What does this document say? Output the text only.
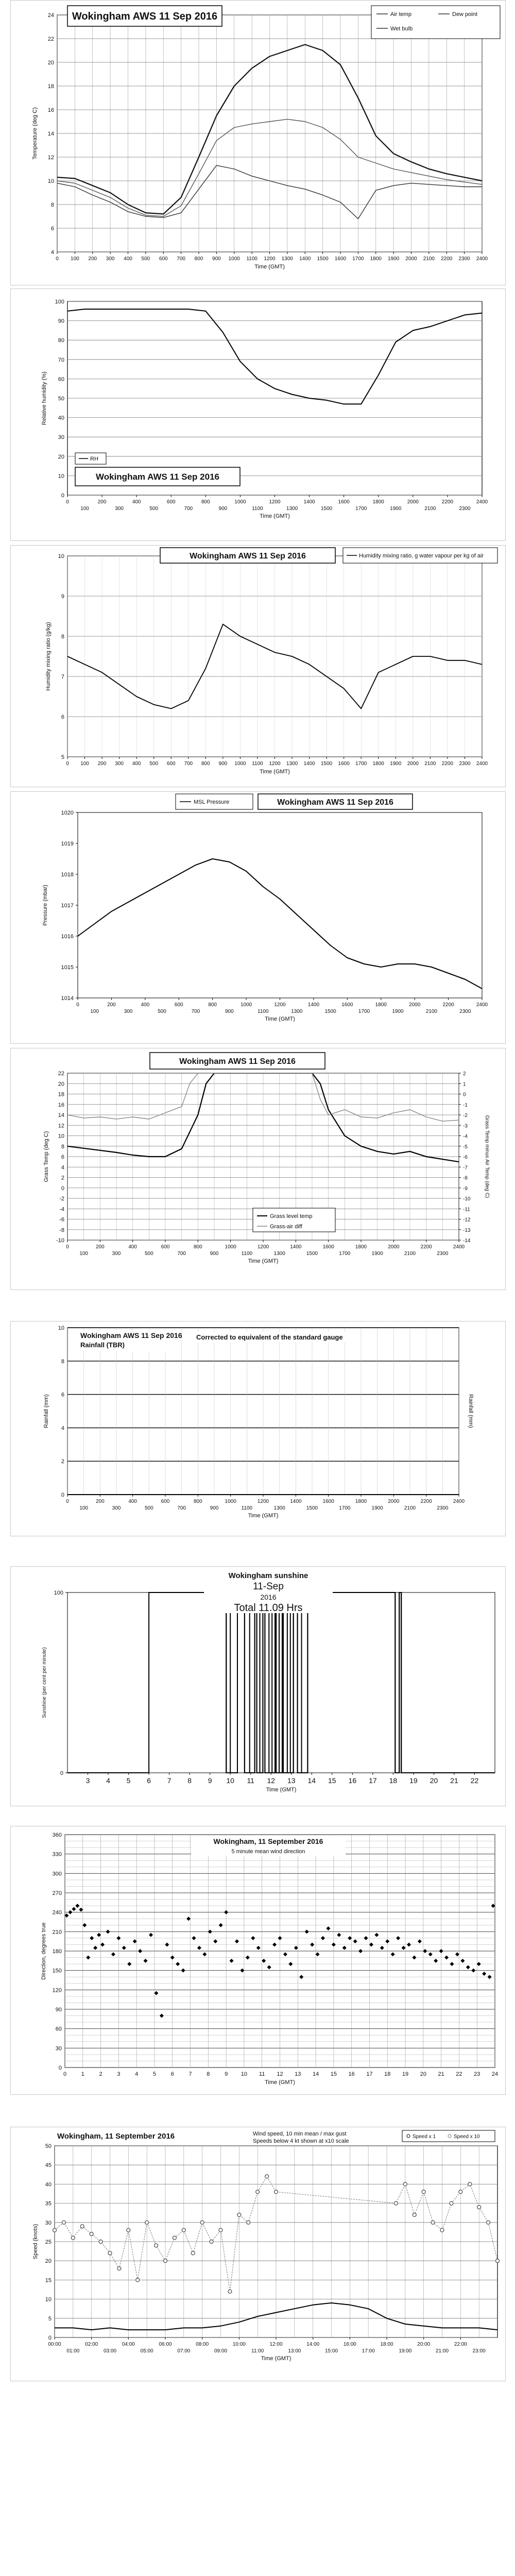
4
6
8
10
12
14
16
18
20
22
24
0 100 200 300 400 500 600 700 800 900 1000 1100 1200 1300 1400 1500 1600 1700 1800 1900 2000 2100 2200 2300 2400
Time (GMT)
Temperature (deg C)
Wokingham AWS 11 Sep 2016	Air temp	Dew point
Wet bulb
0
10
20
30
40
50
60
70
80
90
100
0	200	400	600	800	1000	1200	1400	1600	1800	2000	2200	2400
100	300	500	700	900	1100	1300	1500	1700	1900	2100	2300
Time (GMT)
Relative humidity (%)
RH
Wokingham AWS 11 Sep 2016
5
6
7
8
9
10
0 100 200 300 400 500 600 700 800 900 1000 1100 1200 1300 1400 1500 1600 1700 1800 1900 2000 2100 2200 2300 2400
Time (GMT)
Humidity mixing ratio (g/kg)
Wokingham AWS 11 Sep 2016	Humidity mixing ratio, g water vapour per kg of air
1014
1015
1016
1017
1018
1019
1020
0	200	400	600	800	1000	1200	1400	1600	1800	2000	2200	2400
100	300	500	700	900	1100	1300	1500	1700	1900	2100	2300
Time (GMT)
Pressure (mbar)
MSL Pressure	Wokingham AWS 11 Sep 2016
-10
-8
-6
-4
-2
0
2
4
6
8
10
12
14
16
18
20
22
-14
-13
-12
-11
-10
-9
-8
-7
-6
-5
-4
-3
-2
-1
0
1
2
0	200	400	600	800	1000	1200	1400	1600	1800	2000	2200	2400
100	300	500	700	900	1100	1300	1500	1700	1900	2100	2300
Time (GMT)
Grass Temp (deg C)	Grass Temp minus Air Temp (deg C)
Wokingham AWS 11 Sep 2016
Grass level temp
Grass-air diff
0
2
4
6
8
10
0	200	400	600	800	1000	1200	1400	1600	1800	2000	2200	2400
100	300	500	700	900	1100	1300	1500	1700	1900	2100	2300
Time (GMT)
Rainfall (mm)	Rainfall (mm)
Wokingham AWS 11 Sep 2016
Rainfall (TBR)
Corrected to equivalent of the standard gauge
0
100
3 4 5 6 7 8 9 10 11 12 13 14 15 16 17 18 19 20 21 22
Time (GMT)
Sunshine (per cent per minute)
Wokingham sunshine
11-Sep
2016
Total 11.09 Hrs
0
30
60
90
120
150
180
210
240
270
300
330
360
0	1	2	3	4	5	6	7	8	9 10 11 12 13 14 15 16 17 18 19 20 21 22 23 24
Time (GMT)
Direction, degrees true
Wokingham, 11 September 2016
5 minute mean wind direction
0
5
10
15
20
25
30
35
40
45
50
00:00	02:00	04:00	06:00	08:00	10:00	12:00	14:00	16:00	18:00	20:00	22:00
01:00	03:00	05:00	07:00	09:00	11:00	13:00	15:00	17:00	19:00	21:00	23:00
Time (GMT)
Speed (knots)
Wokingham, 11 September 2016	Wind speed, 10 min mean / max gust
Speeds below 4 kt shown at x10 scale
Speed x 1	Speed x 10
